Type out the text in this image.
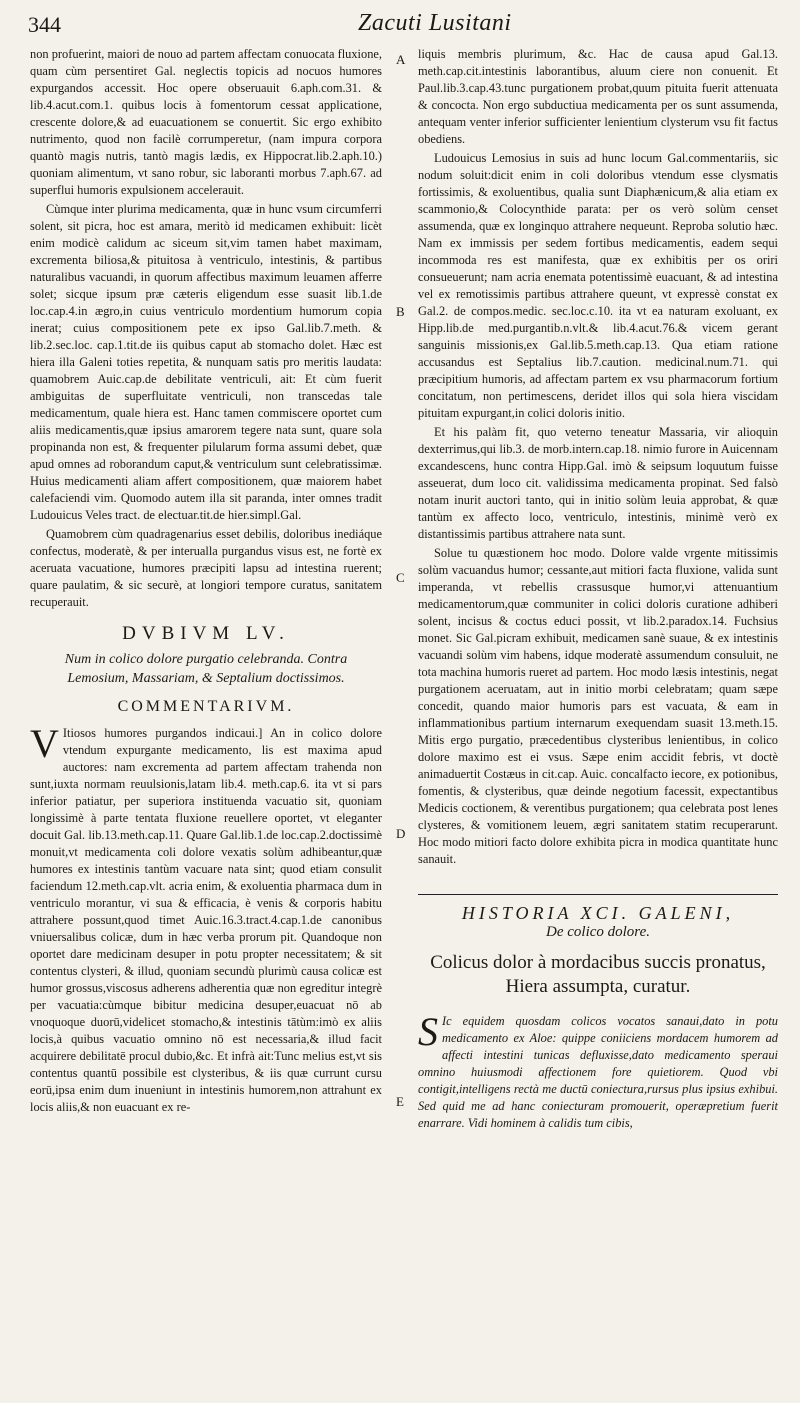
344	Zacuti Lusitani
A
B
C
D
E

non profuerint, maiori de nouo ad partem affectam conuocata fluxione, quam cùm persentiret Gal. neglectis topicis ad nocuos humores expurgandos accessit. Hoc opere obseruauit 6.aph.com.31. & lib.4.acut.com.1. quibus locis à fomentorum cessat applicatione, crescente dolore,& ad euacuationem se conuertit. Sic ergo exhibito nutrimento, quod non facilè corrumperetur, (nam impura corpora quantò magis nutris, tantò magis lædis, ex Hippocrat.lib.2.aph.10.) quoniam alimentum, vt sano robur, sic laboranti morbus 7.aph.67. ad superflui humoris expulsionem accelerauit.

Cùmque inter plurima medicamenta, quæ in hunc vsum circumferri solent, sit picra, hoc est amara, meritò id medicamen exhibuit: licèt enim modicè calidum ac siceum sit,vim tamen habet maximam, excrementa biliosa,& pituitosa à ventriculo, intestinis, & partibus naturalibus vacuandi, in quorum affectibus maximum leuamen afferre solet; sicque ipsum præ cæteris eligendum esse suasit lib.1.de loc.cap.4.in ægro,in cuius ventriculo mordentium humorum copia inerat; cuius compositionem pete ex ipso Gal.lib.7.meth. & lib.2.sec.loc. cap.1.tit.de iis quibus caput ab stomacho dolet. Hæc est hiera illa Galeni toties repetita, & nunquam satis pro meritis laudata: quamobrem Auic.cap.de debilitate ventriculi, ait: Et cùm fuerit ambiguitas de superfluitate ventriculi, non transcedas tale medicamentum, quale hiera est. Hanc tamen commiscere oportet cum aliis medicamentis,quæ ipsius amarorem tegere nata sunt, quare sola propinanda non est, & frequenter pilularum forma assumi debet, quæ apud omnes ad roborandum caput,& ventriculum sunt celebratissimæ. Huius medicamenti aliam affert compositionem, quæ maiorem habet calefaciendi vim. Quomodo autem illa sit paranda, inter omnes tradit Ludouicus Veles tract. de electuar.tit.de hier.simpl.Gal.

Quamobrem cùm quadragenarius esset debilis, doloribus inediáque confectus, moderatè, & per interualla purgandus visus est, ne fortè ex aceruata vacuatione, humores præcipiti lapsu ad intestina ruerent; quare paulatim, & sic securè, at longiori tempore curatus, sanitatem recuperauit.

DVBIVM LV.
Num in colico dolore purgatio celebranda. Contra Lemosium, Massariam, & Septalium doctissimos.
COMMENTARIVM.

V Itiosos humores purgandos indicaui.] An in colico dolore vtendum expurgante medicamento, lis est maxima apud auctores: nam excrementa ad partem affectam trahenda non sunt,iuxta normam reuulsionis,latam lib.4. meth.cap.6. ita vt si pars inferior patiatur, per superiora instituenda vacuatio sit, quoniam longissimè à parte tentata fluxione reuellere oportet, vt eleganter docuit Gal. lib.13.meth.cap.11. Quare Gal.lib.1.de loc.cap.2.doctissimè monuit,vt medicamenta coli dolore vexatis solùm adhibeantur,quæ humores ex intestinis tantùm vacuare nata sint; quod etiam consulit faciendum 12.meth.cap.vlt. acria enim, & exoluentia pharmaca dum in ventriculo morantur, vi sua & efficacia, è venis & corporis habitu attrahere possunt,quod timet Auic.16.3.tract.4.cap.1.de canonibus vniuersalibus colicæ, dum in hæc verba prorum pit. Quandoque non oportet dare medicinam desuper in potu propter necessitatem; & sit contentus clysteri, & illud, quoniam secundù plurimù causa colicæ est humor grossus,viscosus adherens adherentia quæ non egreditur integrè per vacuatia:cùmque bibitur medicina desuper,euacuat nō ab vnoquoque duorū,videlicet stomacho,& intestinis tātùm:imò ex aliis locis,à quibus vacuatio omnino nō est necessaria,& illud facit acquirere debilitatē procul dubio,&c. Et infrà ait:Tunc melius est,vt sis contentus quantū possibile est clysteribus, & iis quæ currunt cursu eorū,ipsa enim dum inueniunt in intestinis humorem,non attrahunt ex locis aliis,& non euacuant ex re-

liquis membris plurimum, &c. Hac de causa apud Gal.13. meth.cap.cit.intestinis laborantibus, aluum ciere non conuenit. Et Paul.lib.3.cap.43.tunc purgationem probat,quum pituita fuerit attenuata & concocta. Non ergo subductiua medicamenta per os sunt assumenda, antequam venter inferior sufficienter lenientium clysterum vsu fit factus obediens.

Ludouicus Lemosius in suis ad hunc locum Gal.commentariis, sic nodum soluit:dicit enim in coli doloribus vtendum esse clysmatis fortissimis, & exoluentibus, qualia sunt Diaphænicum,& alia etiam ex scammonio,& Colocynthide parata: per os verò solùm censet assumenda, quæ ex longinquo attrahere nequeunt. Reproba solutio hæc. Nam ex immissis per sedem fortibus medicamentis, eadem sequi incommoda res est manifesta, quæ ex exhibitis per os oriri consueuerunt; nam acria enemata potentissimè euacuant, & ad intestina vel ex remotissimis partibus attrahere queunt, vt expressè constat ex Gal.2. de compos.medic. sec.loc.c.10. ita vt ea naturam exoluant, ex Hipp.lib.de med.purgantib.n.vlt.& lib.4.acut.76.& vicem gerant sanguinis missionis,ex Gal.lib.5.meth.cap.13. Qua etiam ratione accusandus est Septalius lib.7.caution. medicinal.num.71. qui præcipitium humoris, ad affectam partem ex vsu pharmacorum fortium concitatum, non pertimescens, deridet illos qui sola hiera viscidam pituitam expurgant,in colici doloris initio.

Et his palàm fit, quo veterno teneatur Massaria, vir alioquin dexterrimus,qui lib.3. de morb.intern.cap.18. nimio furore in Auicennam excandescens, hunc contra Hipp.Gal. imò & seipsum loquutum fuisse asseuerat, dum loco cit. validissima medicamenta propinat. Sed falsò notam inurit auctori tanto, qui in initio solùm leuia approbat, & quæ tantùm ex affecto loco, ventriculo, intestinis, minimè verò ex distantissimis partibus attrahere nata sunt.

Solue tu quæstionem hoc modo. Dolore valde vrgente mitissimis solùm vacuandus humor; cessante,aut mitiori facta fluxione, valida sunt imperanda, vt rebellis crassusque humor,vi attenuantium medicamentorum,quæ communiter in colici doloris curatione adhiberi solent, incisus & coctus educi possit, vt lib.2.paradox.14. Fuchsius monet. Sic Gal.picram exhibuit, medicamen sanè suaue, & ex intestinis vacuandi solùm vim habens, idque moderatè assumendum consuluit, ne tota machina humoris rueret ad partem. Hoc modo læsis intestinis, negat purgationem aceruatam, aut in initio morbi celebratam; quam sæpe concedit, quando maior humoris pars est vacuata, & eam in inflammationibus partium internarum exequendam suasit 13.meth.15. Mitis ergo purgatio, præcedentibus clysteribus lenientibus, in colico dolore maximo est ei vsus. Sæpe enim accidit febris, vt doctè animaduertit Costæus in cit.cap. Auic. concalfacto iecore, ex potionibus, fomentis, & clysteribus, quæ deinde negotium facessit, expectantibus Medicis coctionem, & verentibus purgationem; qua celebrata post lenes clysteres, & vomitionem leuem, ægri sanitatem statim recuperarunt. Hoc modo mitiori facto dolore exhibita picra in modica quantitate hunc sanauit.

HISTORIA XCI. GALENI,
De colico dolore.
Colicus dolor à mordacibus succis pronatus, Hiera assumpta, curatur.

S Ic equidem quosdam colicos vocatos sanaui,dato in potu medicamento ex Aloe: quippe coniiciens mordacem humorem ad affecti intestini tunicas defluxisse,dato medicamento speraui omnino huiusmodi affectionem fore quietiorem. Quod vbi contigit,intelligens rectà me ductū coniectura,rursus plus ipsius exhibui. Sed quid me ad hanc coniecturam promouerit, operæpretium fuerit enarrare. Vidi hominem à calidis tum cibis,
